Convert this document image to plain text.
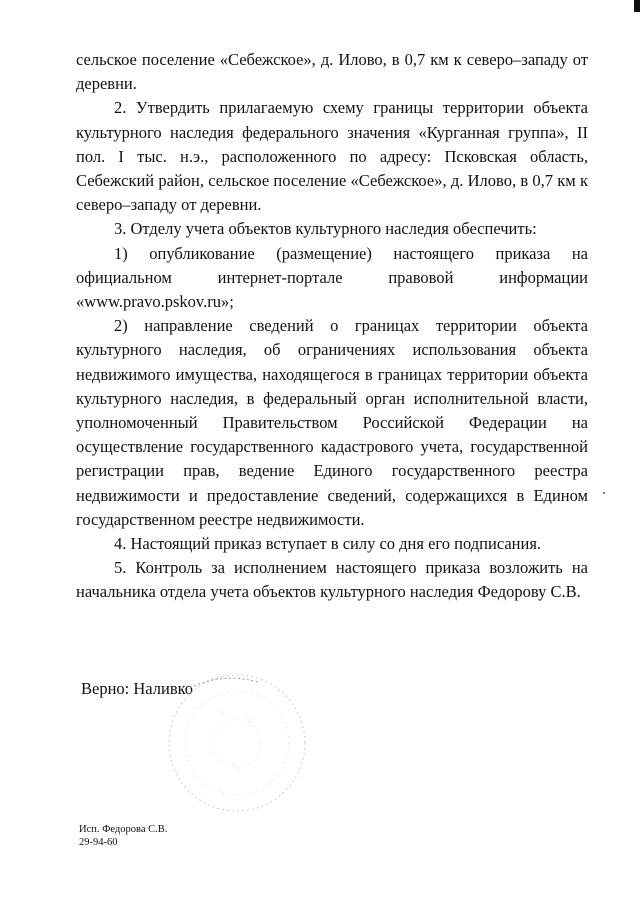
сельское поселение «Себежское», д. Илово, в 0,7 км к северо–западу от деревни.

2. Утвердить прилагаемую схему границы территории объекта культурного наследия федерального значения «Курганная группа», II пол. I тыс. н.э., расположенного по адресу: Псковская область, Себежский район, сельское поселение «Себежское», д. Илово, в 0,7 км к северо–западу от деревни.

3. Отделу учета объектов культурного наследия обеспечить:

1) опубликование (размещение) настоящего приказа на официальном интернет-портале правовой информации «www.pravo.pskov.ru»;

2) направление сведений о границах территории объекта культурного наследия, об ограничениях использования объекта недвижимого имущества, находящегося в границах территории объекта культурного наследия, в федеральный орган исполнительной власти, уполномоченный Правительством Российской Федерации на осуществление государственного кадастрового учета, государственной регистрации прав, ведение Единого государственного реестра недвижимости и предоставление сведений, содержащихся в Едином государственном реестре недвижимости.

4. Настоящий приказ вступает в силу со дня его подписания.

5. Контроль за исполнением настоящего приказа возложить на начальника отдела учета объектов культурного наследия Федорову С.В.

Верно: Наливко
Исп. Федорова С.В.
29-94-60
